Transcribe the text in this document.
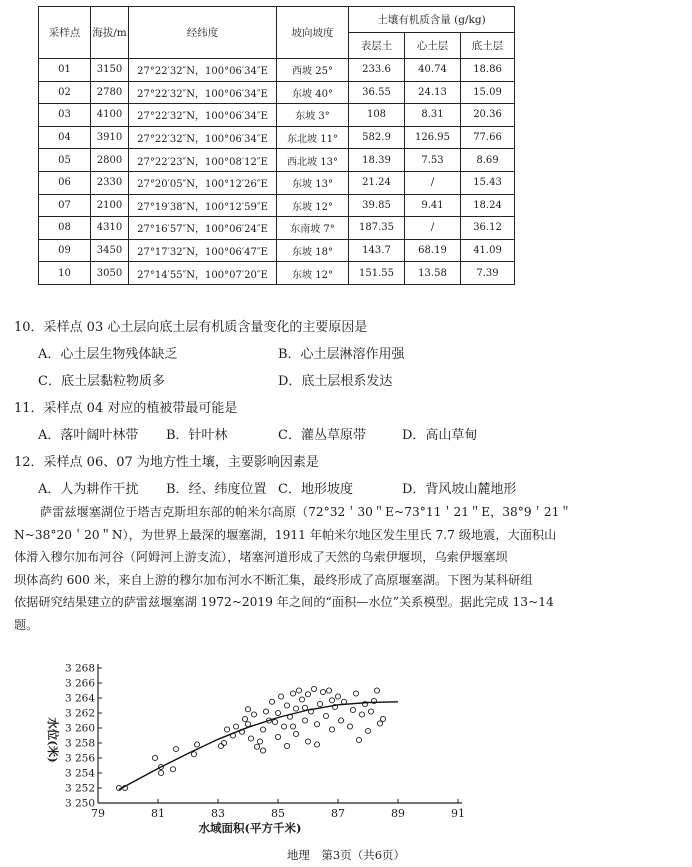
采样点	海拔/m	经纬度	坡向坡度	土壤有机质含量 (g/kg)		
				表层土	心土层	底土层
01	3150	27°22′32″N，100°06′34″E	西坡 25°	233.6	40.74	18.86
02	2780	27°22′32″N，100°06′34″E	东坡 40°	36.55	24.13	15.09
03	4100	27°22′32″N，100°06′34″E	东坡 3°	108	8.31	20.36
04	3910	27°22′32″N，100°06′34″E	东北坡 11°	582.9	126.95	77.66
05	2800	27°22′23″N，100°08′12″E	西北坡 13°	18.39	7.53	8.69
06	2330	27°20′05″N，100°12′26″E	东坡 13°	21.24	/	15.43
07	2100	27°19′38″N，100°12′59″E	东坡 12°	39.85	9.41	18.24
08	4310	27°16′57″N，100°06′24″E	东南坡 7°	187.35	/	36.12
09	3450	27°17′32″N，100°06′47″E	东坡 18°	143.7	68.19	41.09
10	3050	27°14′55″N，100°07′20″E	东坡 12°	151.55	13.58	7.39
10．采样点 03 心土层向底土层有机质含量变化的主要原因是
A．心土层生物残体缺乏	B．心土层淋溶作用强
C．底土层黏粒物质多	D．底土层根系发达
11．采样点 04 对应的植被带最可能是
A．落叶阔叶林带 B．针叶林	C．灌丛草原带	D．高山草甸
12．采样点 06、07 为地方性土壤，主要影响因素是
A．人为耕作干扰 B．经、纬度位置 C．地形坡度	D．背风坡山麓地形
萨雷兹堰塞湖位于塔吉克斯坦东部的帕米尔高原（72°32＇30＂E~73°11＇21＂E，38°9＇21＂
N~38°20＇20＂N），为世界上最深的堰塞湖，1911 年帕米尔地区发生里氏 7.7 级地震，大面积山
体滑入穆尔加布河谷（阿姆河上游支流），堵塞河道形成了天然的乌索伊堰坝，乌索伊堰塞坝
坝体高约 600 米，来自上游的穆尔加布河水不断汇集，最终形成了高原堰塞湖。下图为某科研组
依据研究结果建立的萨雷兹堰塞湖 1972~2019 年之间的“面积—水位”关系模型。据此完成 13~14
题。
79	81	83	85	87	89	91
3 250
3 252
3 254
3 256
3 258
3 260
3 262
3 264
3 266
3 268
水域面积(平方千米)
水位(米)
地理　第3页（共6页）
